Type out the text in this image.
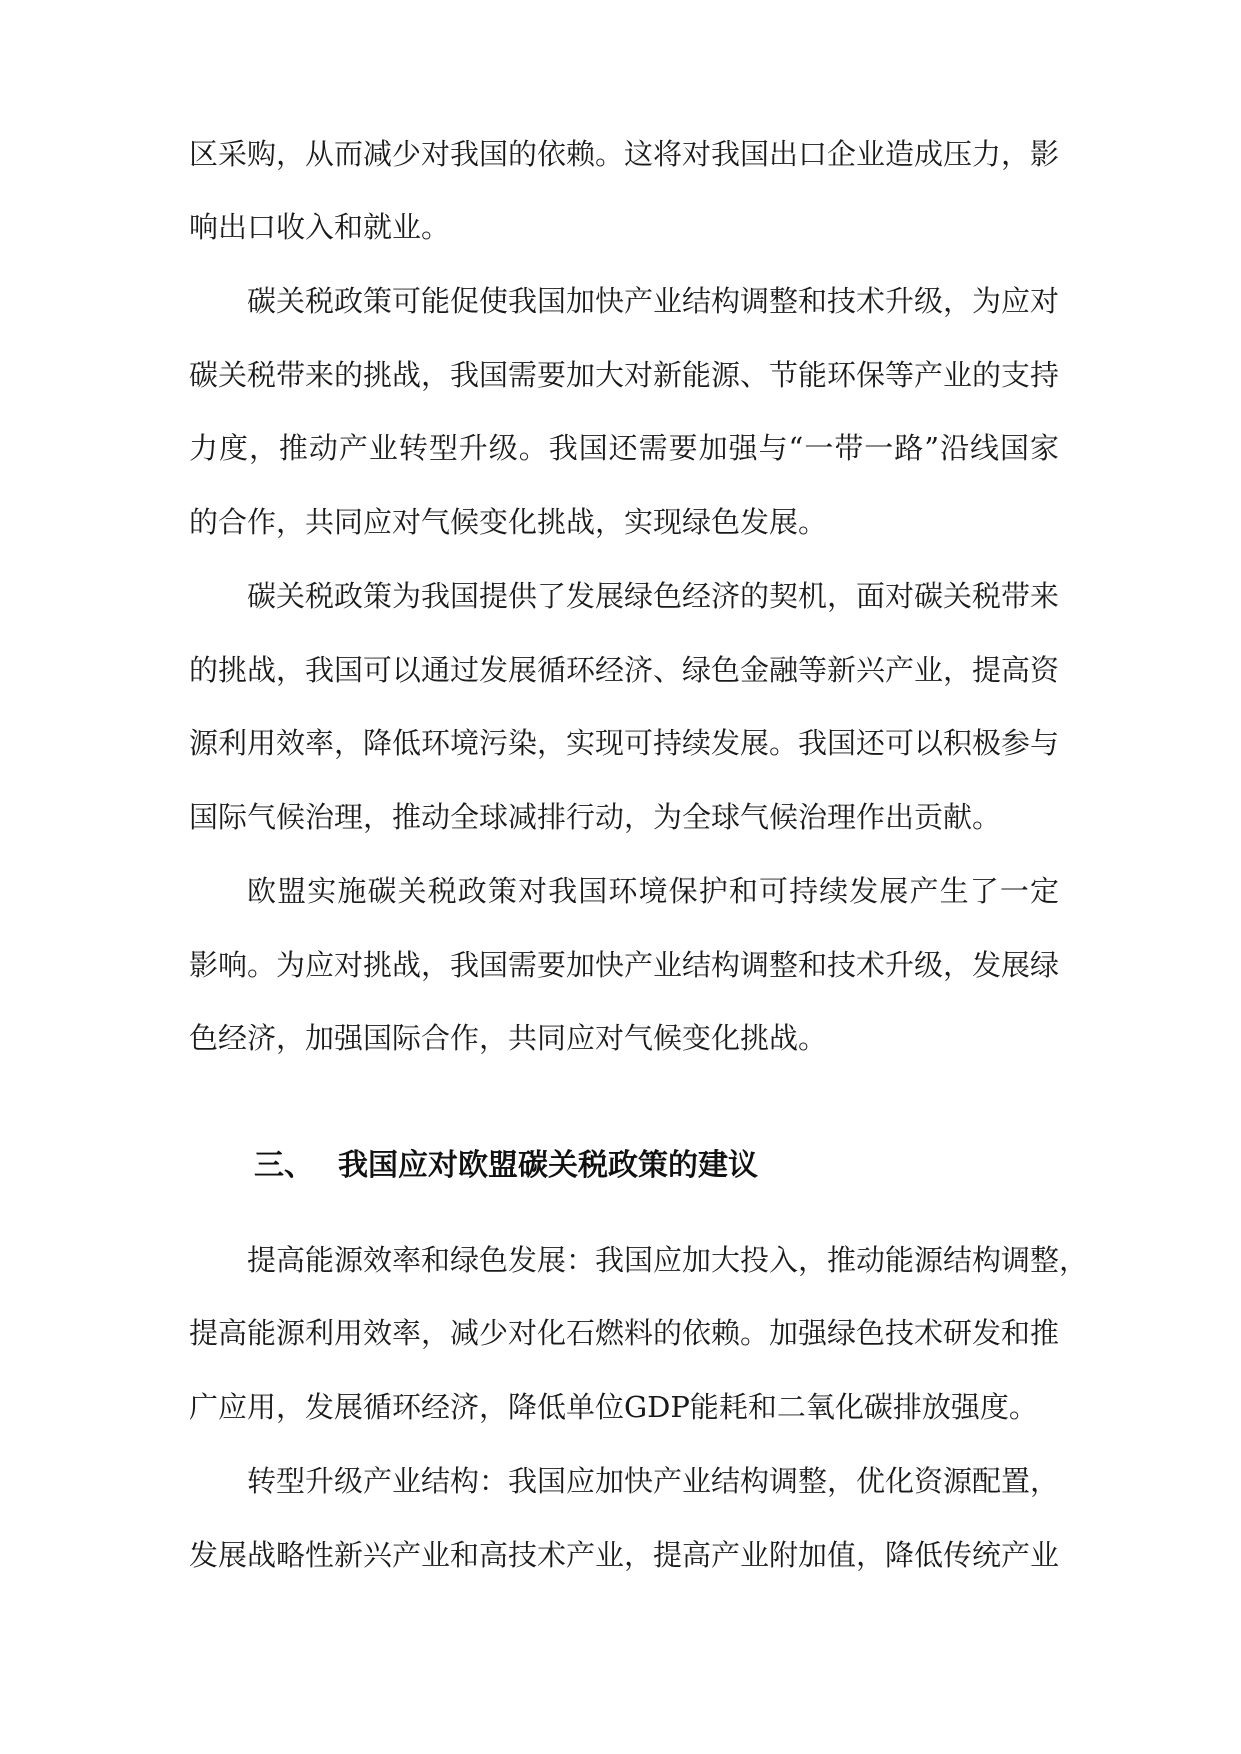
区采购，从而减少对我国的依赖。这将对我国出口企业造成压力，影

响出口收入和就业。

碳关税政策可能促使我国加快产业结构调整和技术升级，为应对

碳关税带来的挑战，我国需要加大对新能源、节能环保等产业的支持

力度，推动产业转型升级。我国还需要加强与“一带一路”沿线国家

的合作，共同应对气候变化挑战，实现绿色发展。

碳关税政策为我国提供了发展绿色经济的契机，面对碳关税带来

的挑战，我国可以通过发展循环经济、绿色金融等新兴产业，提高资

源利用效率，降低环境污染，实现可持续发展。我国还可以积极参与

国际气候治理，推动全球减排行动，为全球气候治理作出贡献。

欧盟实施碳关税政策对我国环境保护和可持续发展产生了一定

影响。为应对挑战，我国需要加快产业结构调整和技术升级，发展绿

色经济，加强国际合作，共同应对气候变化挑战。

三、 我国应对欧盟碳关税政策的建议

提高能源效率和绿色发展：我国应加大投入，推动能源结构调整，

提高能源利用效率，减少对化石燃料的依赖。加强绿色技术研发和推

广应用，发展循环经济，降低单位GDP能耗和二氧化碳排放强度。

转型升级产业结构：我国应加快产业结构调整，优化资源配置，

发展战略性新兴产业和高技术产业，提高产业附加值，降低传统产业
